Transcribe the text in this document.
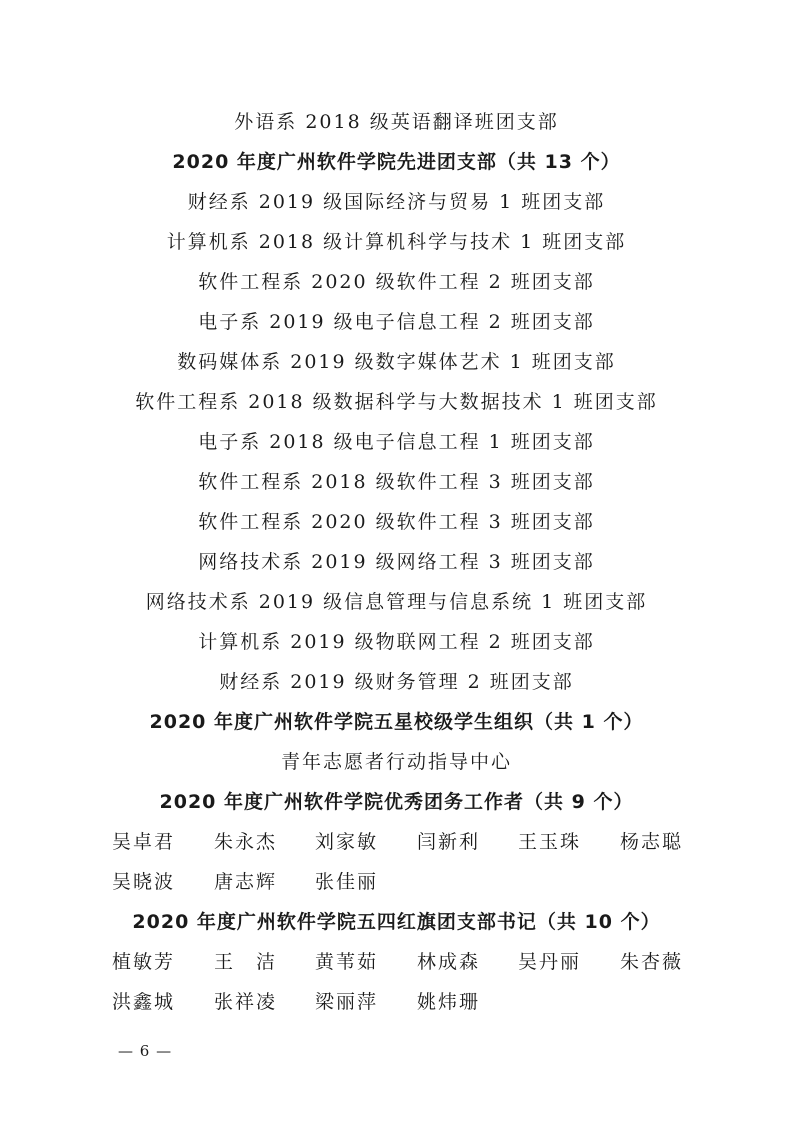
外语系 2018 级英语翻译班团支部
2020 年度广州软件学院先进团支部（共 13 个）
财经系 2019 级国际经济与贸易 1 班团支部
计算机系 2018 级计算机科学与技术 1 班团支部
软件工程系 2020 级软件工程 2 班团支部
电子系 2019 级电子信息工程 2 班团支部
数码媒体系 2019 级数字媒体艺术 1 班团支部
软件工程系 2018 级数据科学与大数据技术 1 班团支部
电子系 2018 级电子信息工程 1 班团支部
软件工程系 2018 级软件工程 3 班团支部
软件工程系 2020 级软件工程 3 班团支部
网络技术系 2019 级网络工程 3 班团支部
网络技术系 2019 级信息管理与信息系统 1 班团支部
计算机系 2019 级物联网工程 2 班团支部
财经系 2019 级财务管理 2 班团支部
2020 年度广州软件学院五星校级学生组织（共 1 个）
青年志愿者行动指导中心
2020 年度广州软件学院优秀团务工作者（共 9 个）
吴卓君 朱永杰 刘家敏 闫新利 王玉珠 杨志聪
吴晓波 唐志辉 张佳丽
2020 年度广州软件学院五四红旗团支部书记（共 10 个）
植敏芳 王　洁 黄苇茹 林成森 吴丹丽 朱杏薇
洪鑫城 张祥凌 梁丽萍 姚炜珊
— 6 —
